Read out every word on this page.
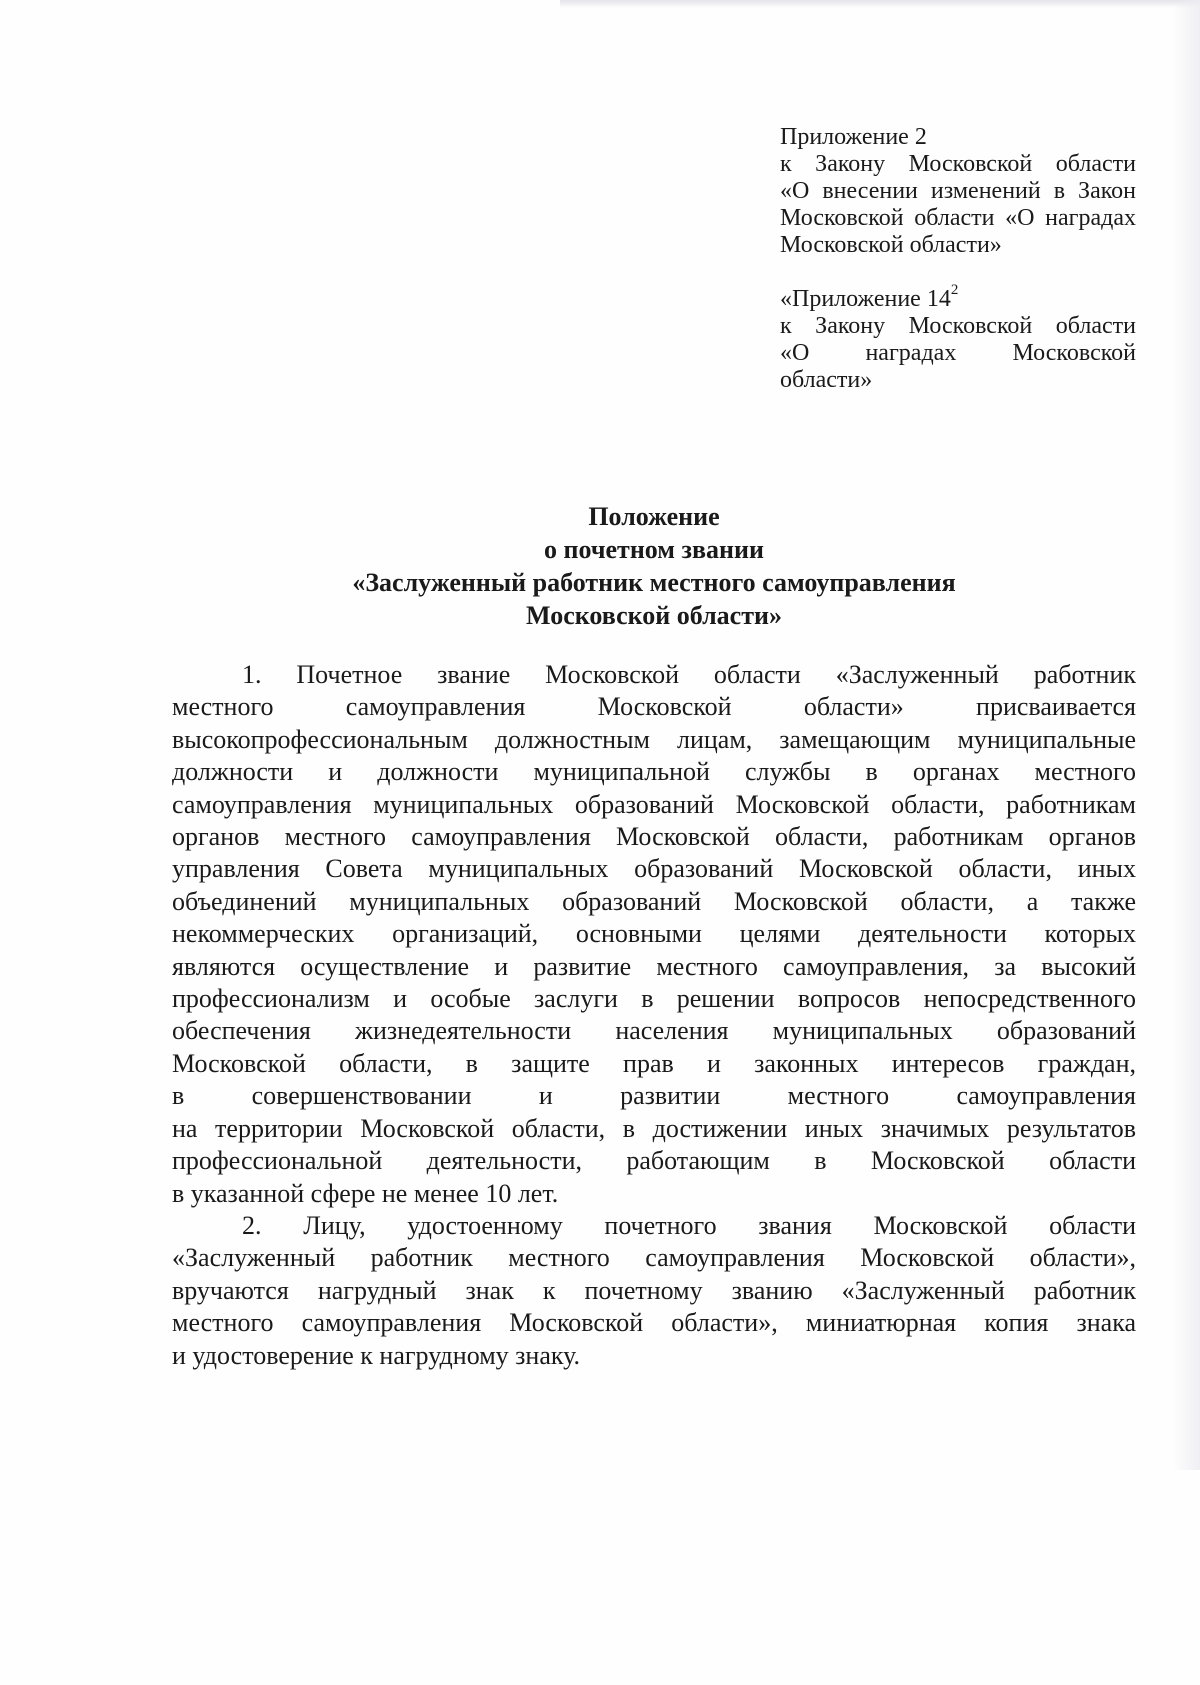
Приложение 2
к Закону Московской области
«О внесении изменений в Закон
Московской области «О наградах
Московской области»
«Приложение $14^2$
к Закону Московской области
«О наградах Московской
области»
Положение
о почетном звании
«Заслуженный работник местного самоуправления
Московской области»
1. Почетное звание Московской области «Заслуженный работник
местного самоуправления Московской области» присваивается
высокопрофессиональным должностным лицам, замещающим муниципальные
должности и должности муниципальной службы в органах местного
самоуправления муниципальных образований Московской области, работникам
органов местного самоуправления Московской области, работникам органов
управления Совета муниципальных образований Московской области, иных
объединений муниципальных образований Московской области, а также
некоммерческих организаций, основными целями деятельности которых
являются осуществление и развитие местного самоуправления, за высокий
профессионализм и особые заслуги в решении вопросов непосредственного
обеспечения жизнедеятельности населения муниципальных образований
Московской области, в защите прав и законных интересов граждан,
в совершенствовании и развитии местного самоуправления
на территории Московской области, в достижении иных значимых результатов
профессиональной деятельности, работающим в Московской области
в указанной сфере не менее 10 лет.
2. Лицу, удостоенному почетного звания Московской области
«Заслуженный работник местного самоуправления Московской области»,
вручаются нагрудный знак к почетному званию «Заслуженный работник
местного самоуправления Московской области», миниатюрная копия знака
и удостоверение к нагрудному знаку.
